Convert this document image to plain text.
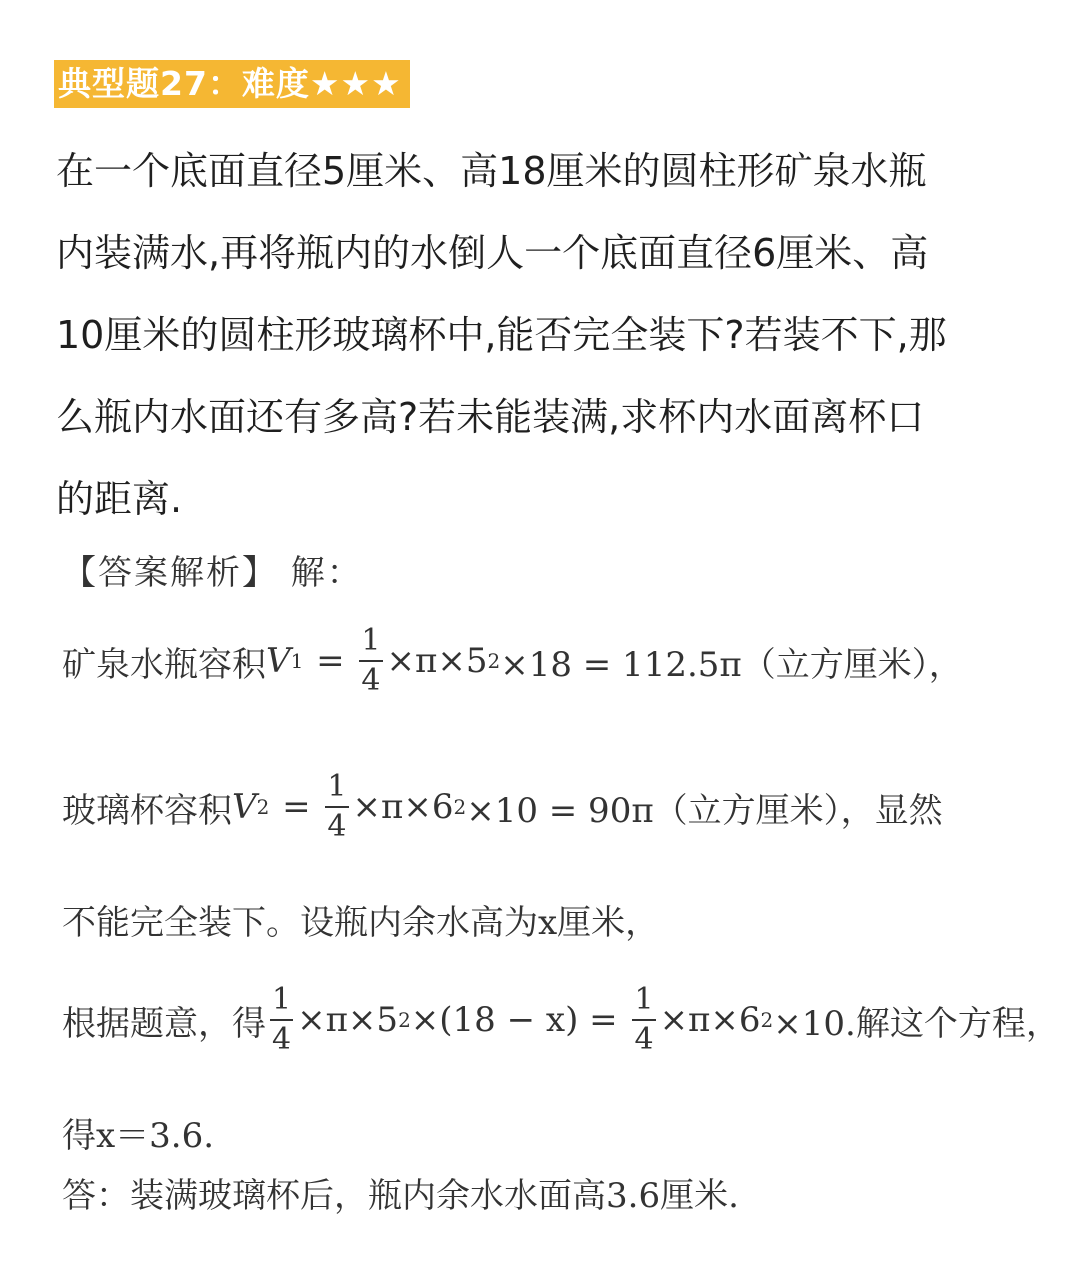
典型题27：难度★★★
在一个底面直径5厘米、高18厘米的圆柱形矿泉水瓶
内装满水,再将瓶内的水倒人一个底面直径6厘米、高
10厘米的圆柱形玻璃杯中,能否完全装下?若装不下,那
么瓶内水面还有多高?若未能装满,求杯内水面离杯口
的距离.
【答案解析】 解：
矿泉水瓶容积 V $1 = \frac{1}{4} \times\pi\times 5$ 2 ×18 = 112.5π（立方厘米），
玻璃杯容积 V $2 = \frac{1}{4} \times\pi\times 6$ 2 ×10 = 90π（立方厘米），显然
不能完全装下。设瓶内余水高为x厘米，
根据题意，得 $\frac{1}{4} \times\pi\times 5$ $2 \times(18 - x) = \frac{1}{4} \times\pi\times 6$ 2 ×10.解这个方程，
得x＝3.6.
答：装满玻璃杯后，瓶内余水水面高3.6厘米.
